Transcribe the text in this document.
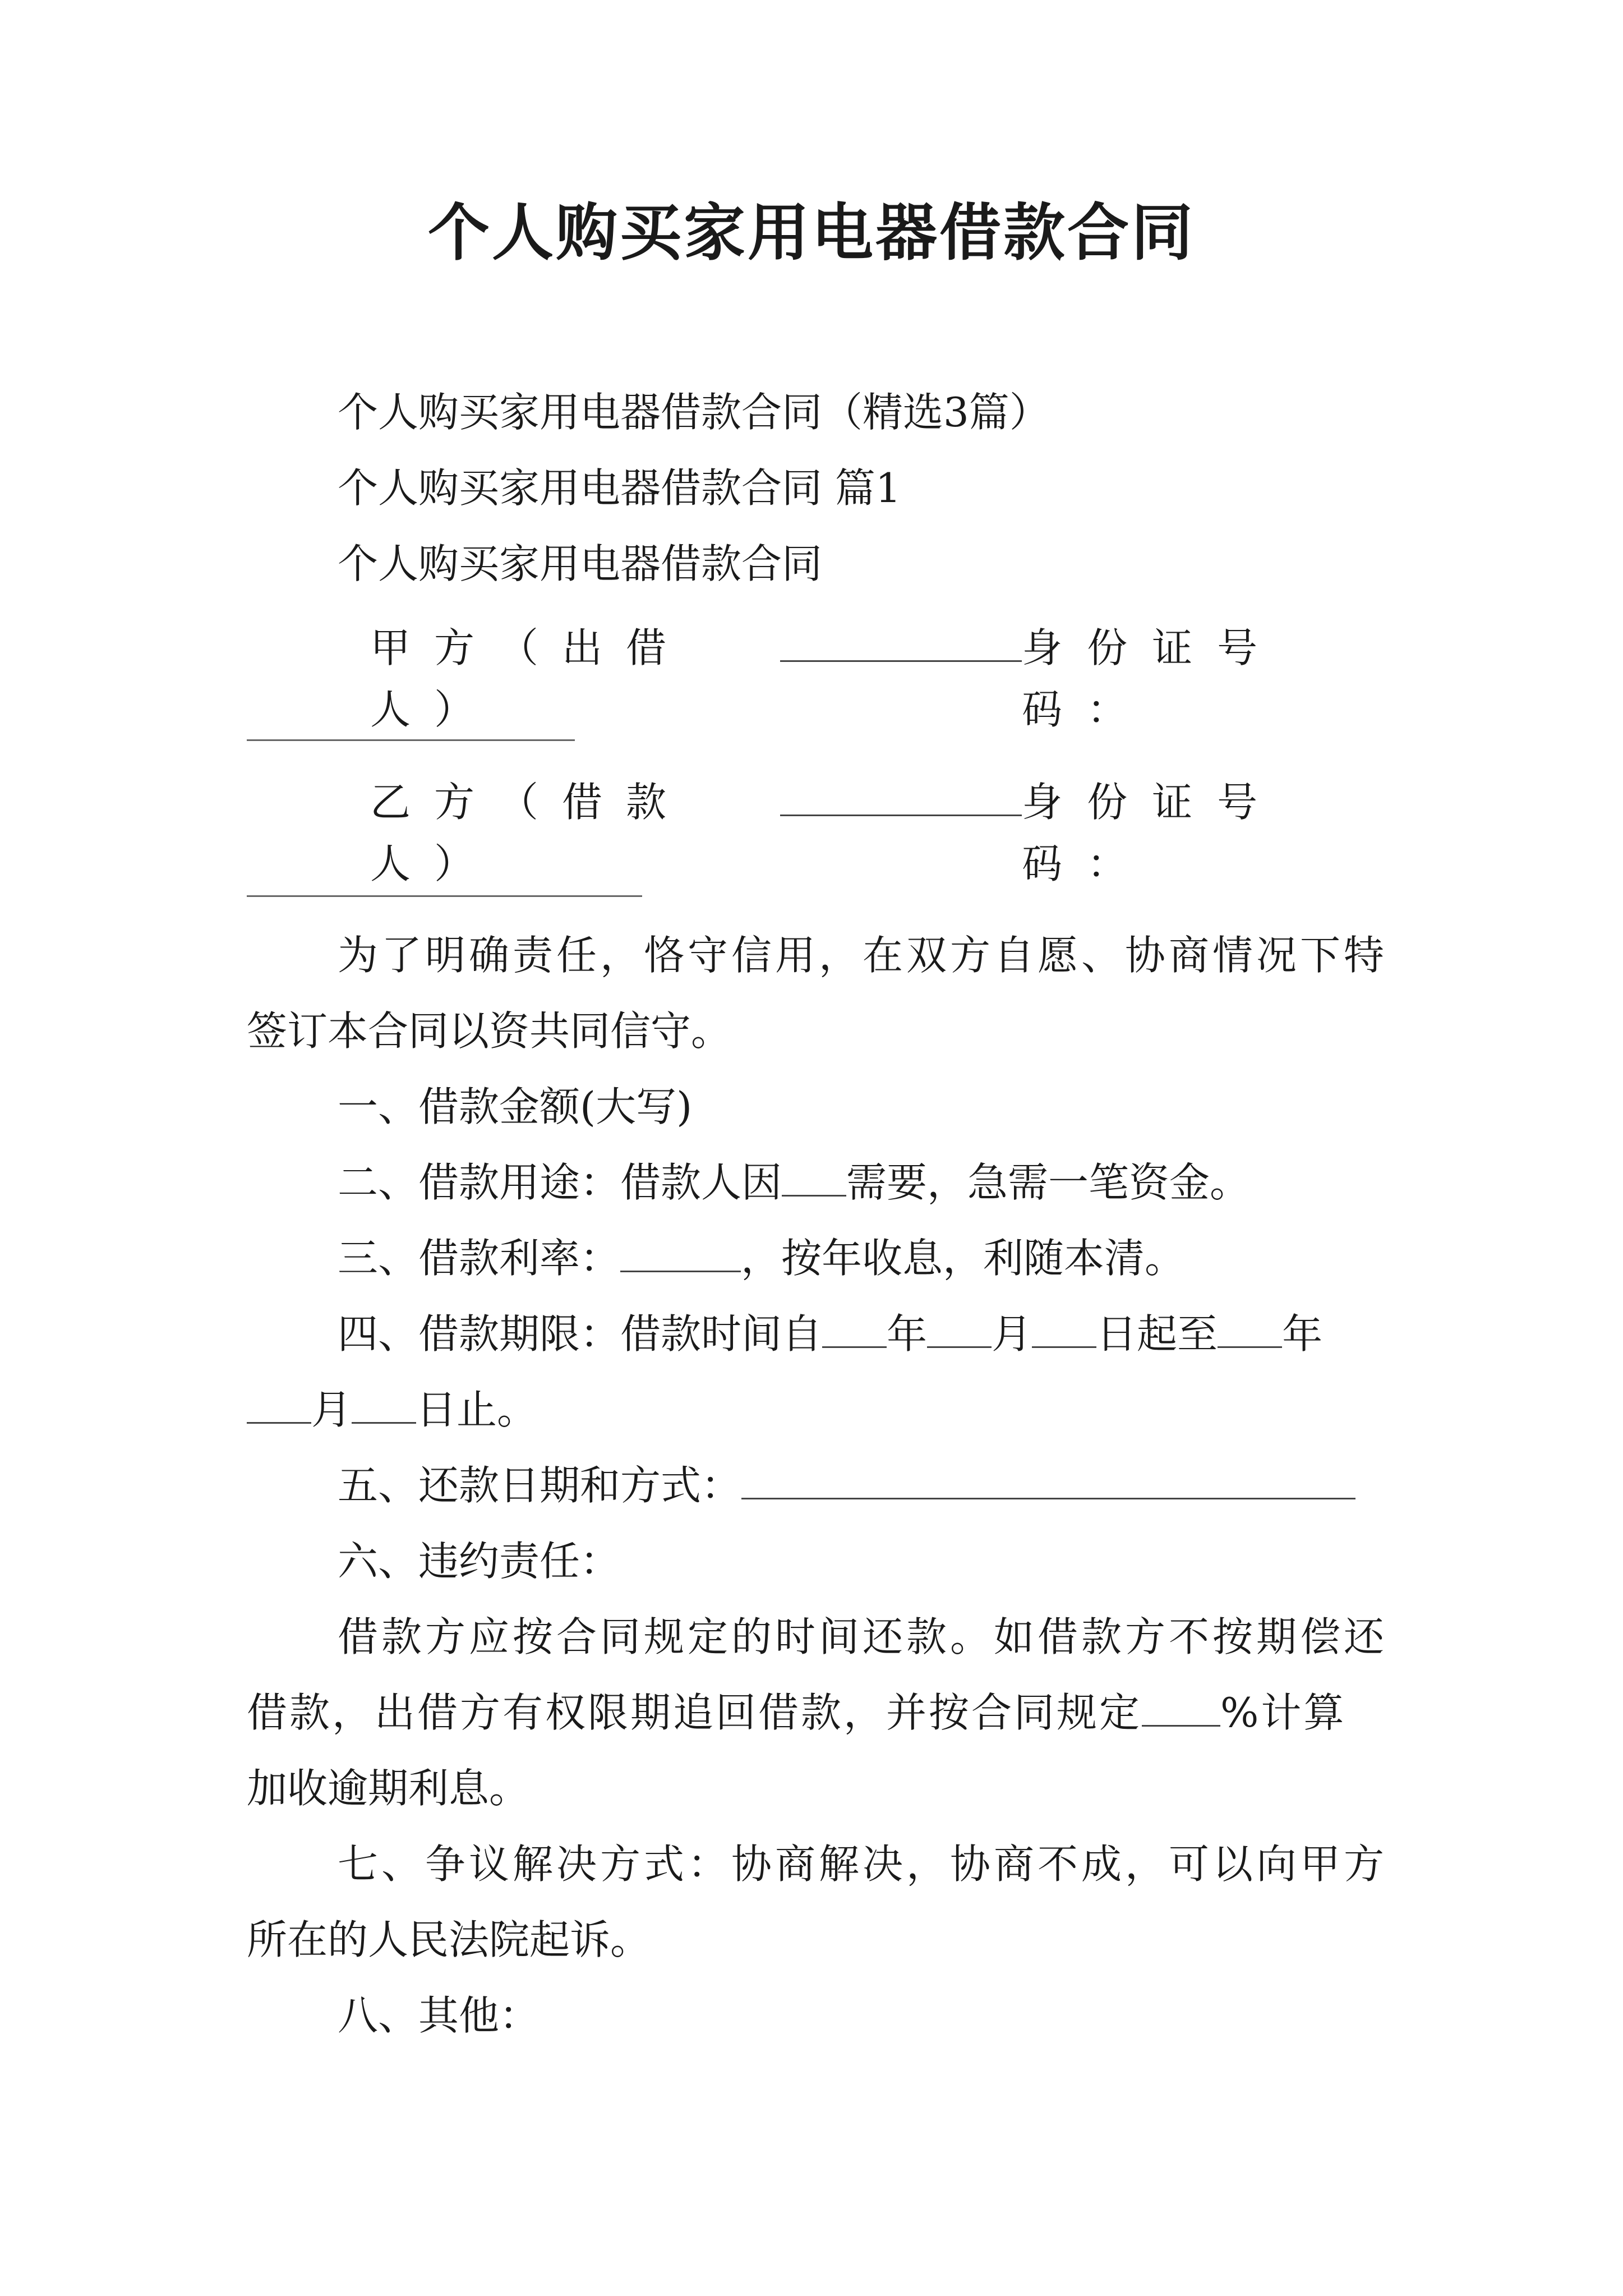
个人购买家用电器借款合同

个人购买家用电器借款合同（精选3篇）

个人购买家用电器借款合同 篇1

个人购买家用电器借款合同

甲方（出借人）
身份证号码：
乙方（借款人）
身份证号码：

为了明确责任，恪守信用，在双方自愿、协商情况下特

签订本合同以资共同信守。

一、借款金额(大写)

二、借款用途：借款人因 需要，急需一笔资金。

三、借款利率：	，按年收息，利随本清。

四、借款期限：借款时间自 年 月 日起至 年

月 日止。

五、还款日期和方式：

六、违约责任：

借款方应按合同规定的时间还款。如借款方不按期偿还

借款，出借方有权限期追回借款，并按合同规定 %计算

加收逾期利息。

七、争议解决方式：协商解决，协商不成，可以向甲方

所在的人民法院起诉。

八、其他：
